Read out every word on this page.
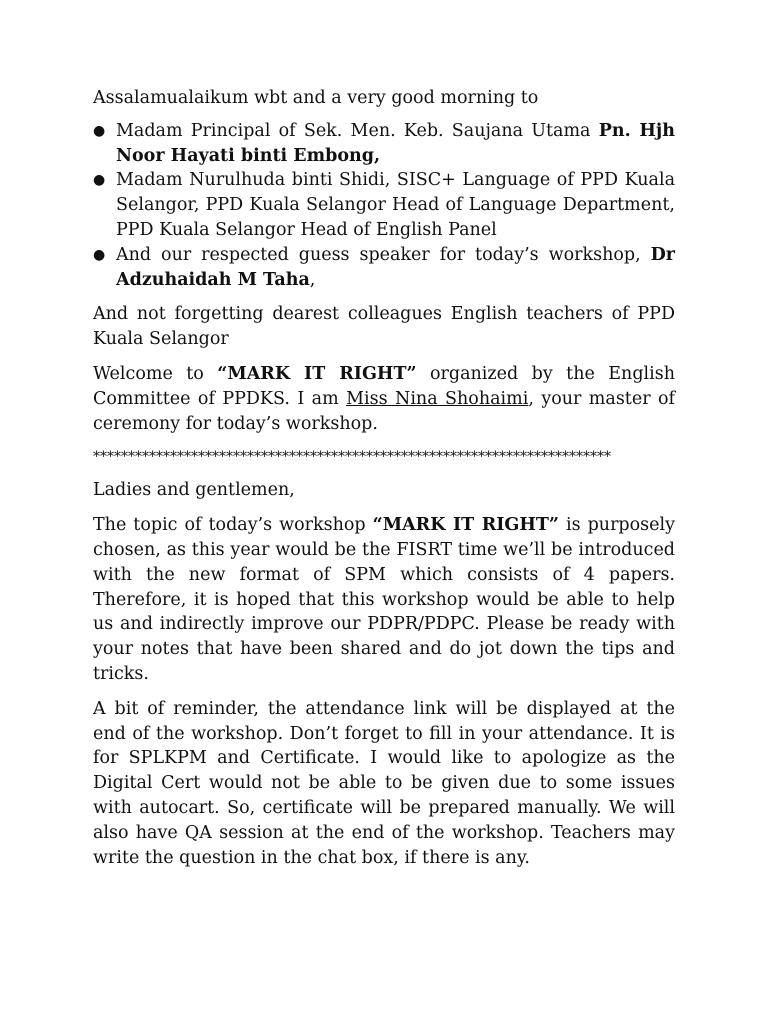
Assalamualaikum wbt and a very good morning to

● Madam Principal of Sek. Men. Keb. Saujana Utama Pn. Hjh Noor Hayati binti Embong,
● Madam Nurulhuda binti Shidi, SISC+ Language of PPD Kuala Selangor, PPD Kuala Selangor Head of Language Department, PPD Kuala Selangor Head of English Panel
● And our respected guess speaker for today’s workshop, Dr Adzuhaidah M Taha,

And not forgetting dearest colleagues English teachers of PPD Kuala Selangor

Welcome to “MARK IT RIGHT” organized by the English Committee of PPDKS. I am Miss Nina Shohaimi, your master of ceremony for today’s workshop.

**************************************************************************

Ladies and gentlemen,

The topic of today’s workshop “MARK IT RIGHT” is purposely chosen, as this year would be the FISRT time we’ll be introduced with the new format of SPM which consists of 4 papers. Therefore, it is hoped that this workshop would be able to help us and indirectly improve our PDPR/PDPC. Please be ready with your notes that have been shared and do jot down the tips and tricks.

A bit of reminder, the attendance link will be displayed at the end of the workshop. Don’t forget to fill in your attendance. It is for SPLKPM and Certificate. I would like to apologize as the Digital Cert would not be able to be given due to some issues with autocart. So, certificate will be prepared manually. We will also have QA session at the end of the workshop. Teachers may write the question in the chat box, if there is any.
